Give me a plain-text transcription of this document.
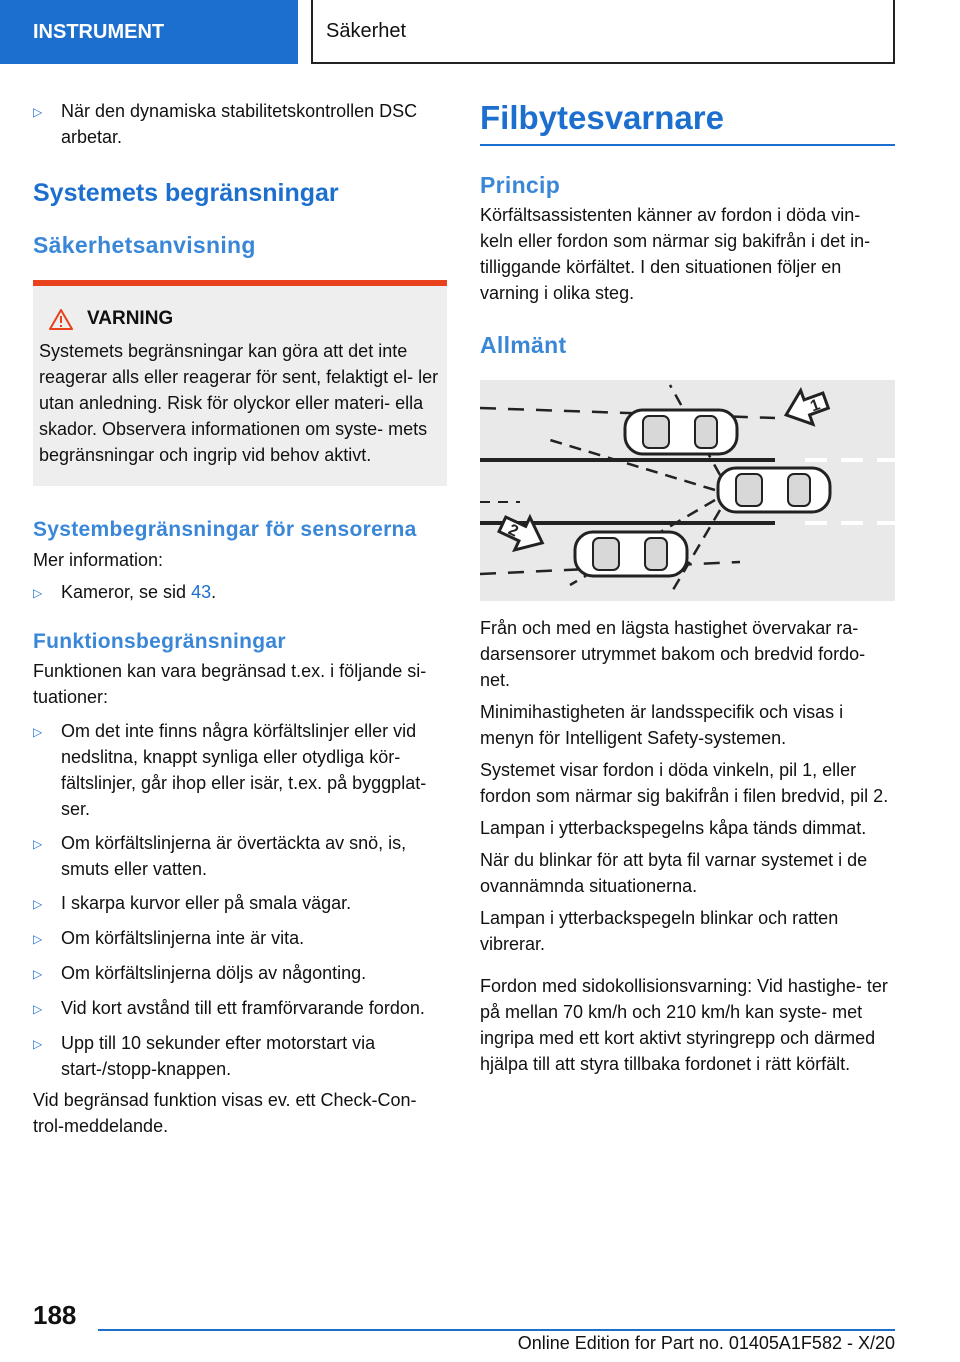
INSTRUMENT	Säkerhet
▷	När den dynamiska stabilitetskontrollen DSC arbetar.
Systemets begränsningar
Säkerhetsanvisning
VARNING

Systemets begränsningar kan göra att det inte reagerar alls eller reagerar för sent, felaktigt el- ler utan anledning. Risk för olyckor eller materi- ella skador. Observera informationen om syste- mets begränsningar och ingrip vid behov aktivt.

Systembegränsningar för sensorerna

Mer information:

▷	Kameror, se sid 43.
Funktionsbegränsningar

Funktionen kan vara begränsad t.ex. i följande si- tuationer:

▷	Om det inte finns några körfältslinjer eller vid nedslitna, knappt synliga eller otydliga kör- fältslinjer, går ihop eller isär, t.ex. på byggplat- ser.
▷	Om körfältslinjerna är övertäckta av snö, is, smuts eller vatten.
▷	I skarpa kurvor eller på smala vägar.
▷	Om körfältslinjerna inte är vita.
▷	Om körfältslinjerna döljs av någonting.
▷	Vid kort avstånd till ett framförvarande fordon.
▷	Upp till 10 sekunder efter motorstart via start-/stopp-knappen.

Vid begränsad funktion visas ev. ett Check-Con- trol-meddelande.

Filbytesvarnare
Princip

Körfältsassistenten känner av fordon i döda vin- keln eller fordon som närmar sig bakifrån i det in- tilliggande körfältet. I den situationen följer en varning i olika steg.

Allmänt
1
2

Från och med en lägsta hastighet övervakar ra- darsensorer utrymmet bakom och bredvid fordo- net.

Minimihastigheten är landsspecifik och visas i menyn för Intelligent Safety-systemen.

Systemet visar fordon i döda vinkeln, pil 1, eller fordon som närmar sig bakifrån i filen bredvid, pil 2.

Lampan i ytterbackspegelns kåpa tänds dimmat.

När du blinkar för att byta fil varnar systemet i de ovannämnda situationerna.

Lampan i ytterbackspegeln blinkar och ratten vibrerar.

Fordon med sidokollisionsvarning: Vid hastighe- ter på mellan 70 km/h och 210 km/h kan syste- met ingripa med ett kort aktivt styringrepp och därmed hjälpa till att styra tillbaka fordonet i rätt körfält.

188
Online Edition for Part no. 01405A1F582 - X/20
